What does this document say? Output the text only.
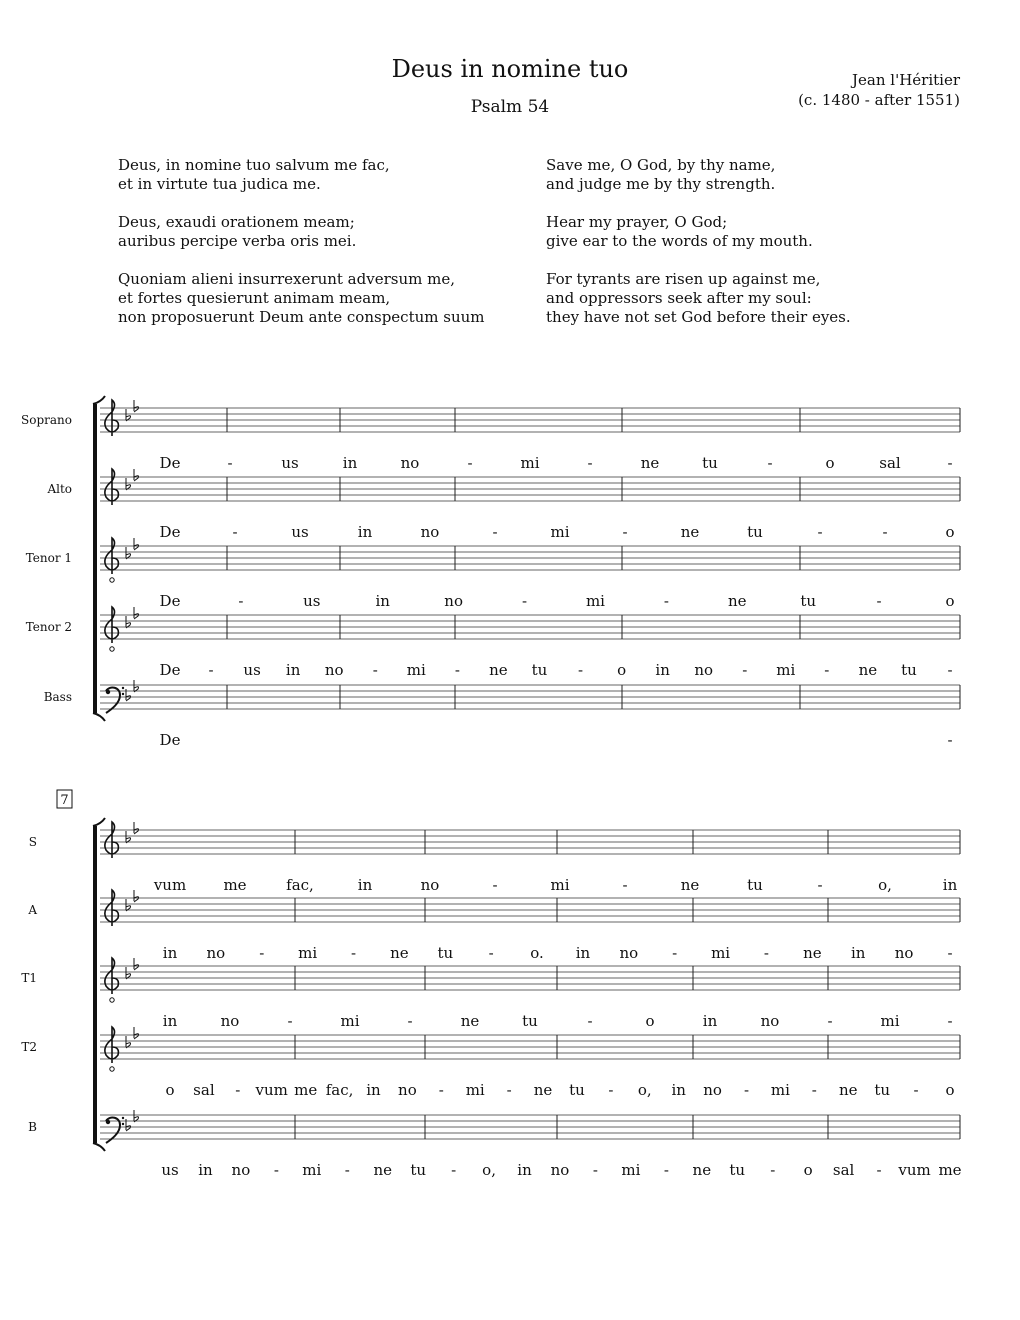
Deus in nomine tuo
Psalm 54
Jean l'Héritier
(c. 1480 - after 1551)

Deus, in nomine tuo salvum me fac,
et in virtute tua judica me.

Deus, exaudi orationem meam;
auribus percipe verba oris mei.

Quoniam alieni insurrexerunt adversum me,
et fortes quesierunt animam meam,
non proposuerunt Deum ante conspectum suum

Save me, O God, by thy name,
and judge me by thy strength.

Hear my prayer, O God;
give ear to the words of my mouth.

For tyrants are risen up against me,
and oppressors seek after my soul:
they have not set God before their eyes.

Soprano
De	-	us	in	no	-	mi	-	ne	tu	-	o	sal	-
Alto
De	-	us	in	no	-	mi	-	ne	tu	-	-	o
Tenor 1
De	-	us	in	no	-	mi	-	ne	tu	-	o
Tenor 2
De - us in no - mi - ne tu - o in no - mi - ne tu -
Bass
De	-
7
S
vum me	fac,	in	no	-	mi	-	ne	tu	-	o,	in
A
in no - mi - ne tu - o. in no - mi - ne in no -
T1
in	no	-	mi	-	ne	tu	-	o	in	no	-	mi	-
T2
o sal - vum me fac, in no - mi - ne tu - o, in no - mi - ne tu - o
B
us in no - mi - ne tu - o, in no - mi - ne tu - o sal - vum me
